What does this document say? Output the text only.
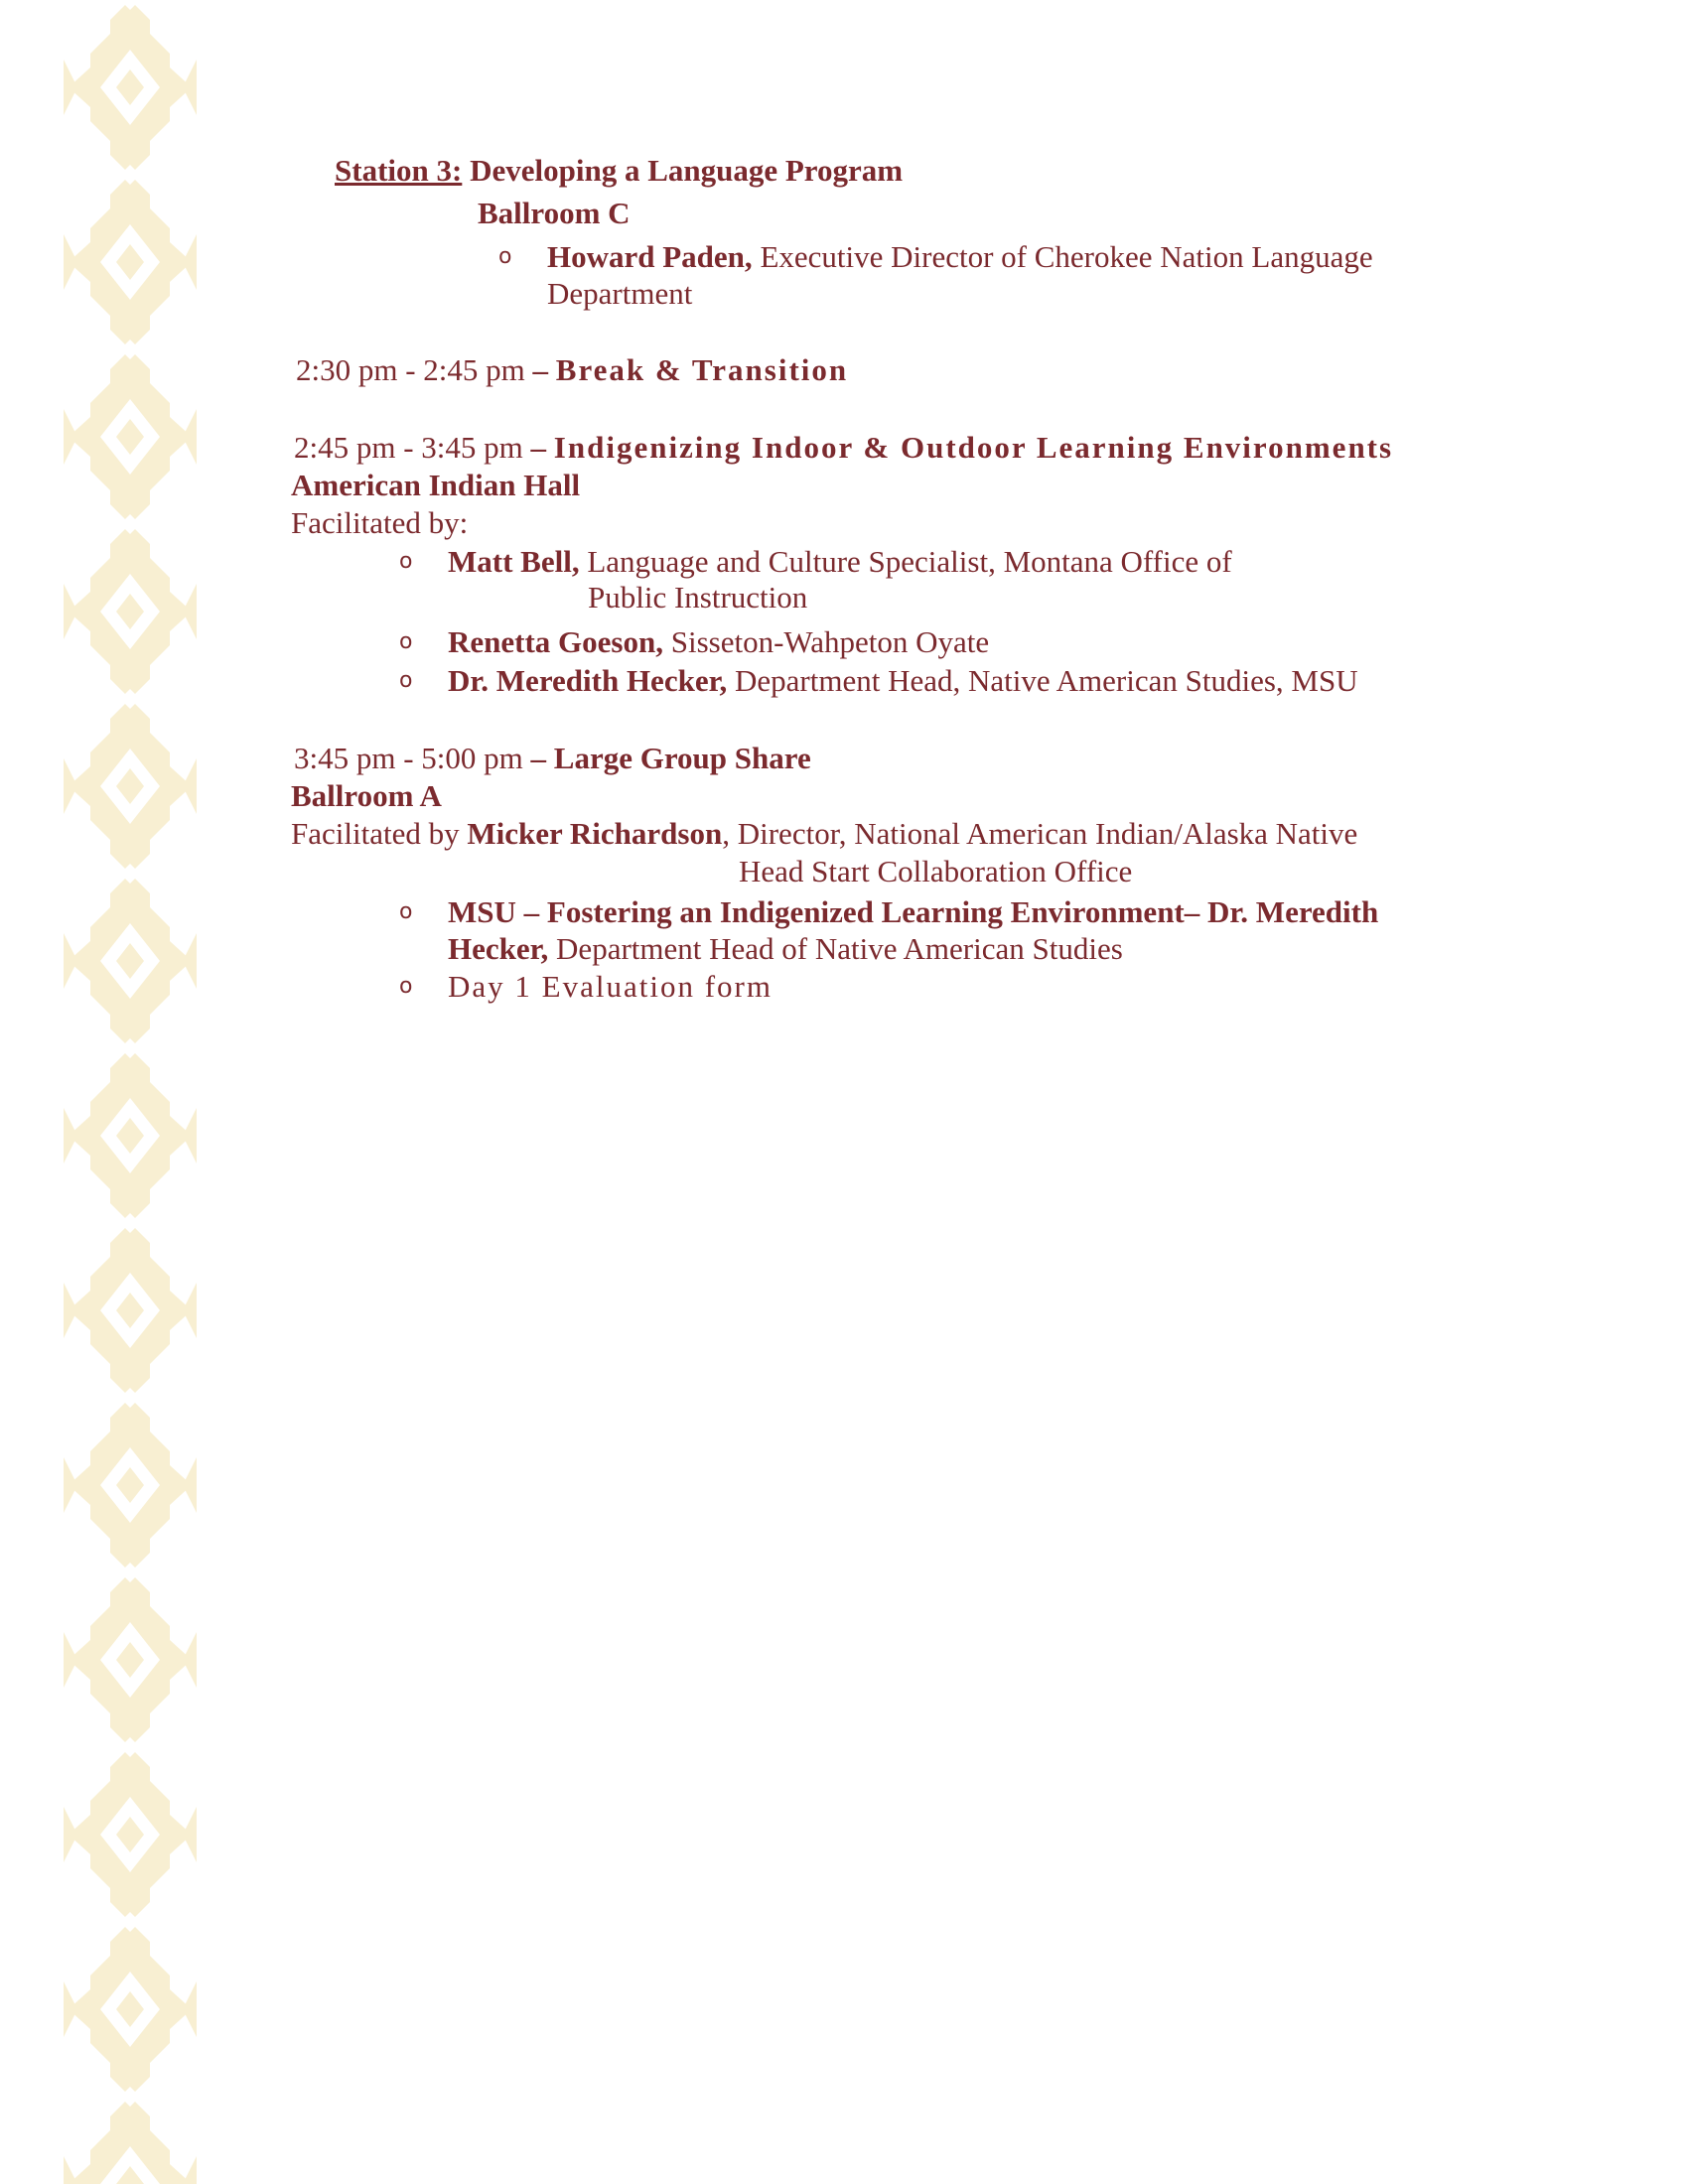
Station 3: Developing a Language Program
Ballroom C
o Howard Paden, Executive Director of Cherokee Nation Language
Department
2:30 pm - 2:45 pm – Break & Transition
2:45 pm - 3:45 pm – Indigenizing Indoor & Outdoor Learning Environments
American Indian Hall
Facilitated by:
o Matt Bell, Language and Culture Specialist, Montana Office of
Public Instruction
o Renetta Goeson, Sisseton-Wahpeton Oyate
o Dr. Meredith Hecker, Department Head, Native American Studies, MSU
3:45 pm - 5:00 pm – Large Group Share
Ballroom A
Facilitated by Micker Richardson, Director, National American Indian/Alaska Native
Head Start Collaboration Office
o MSU – Fostering an Indigenized Learning Environment– Dr. Meredith
Hecker, Department Head of Native American Studies
o Day 1 Evaluation form
